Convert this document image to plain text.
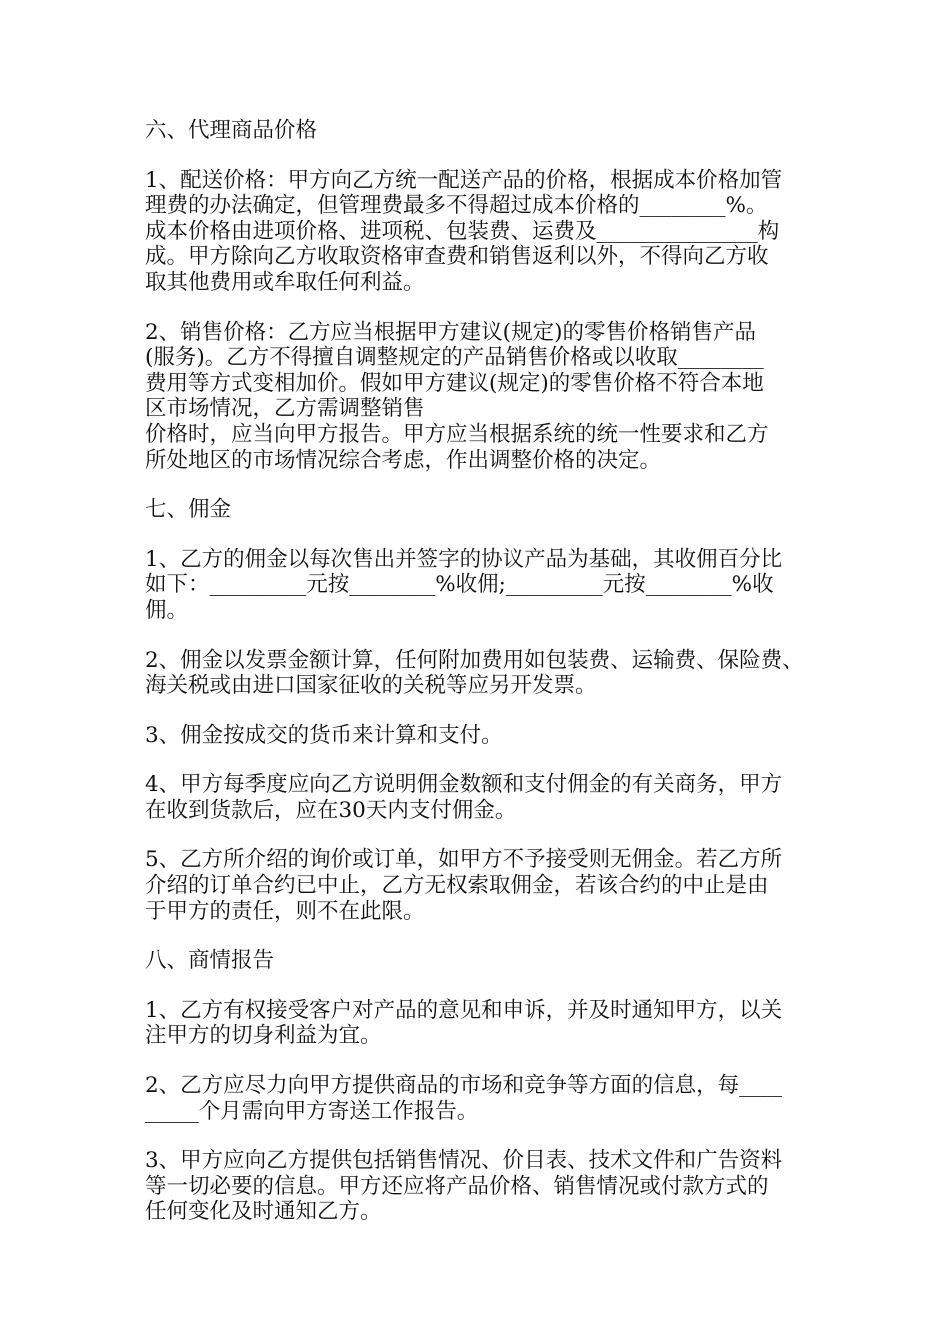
六、代理商品价格

1、配送价格：甲方向乙方统一配送产品的价格，根据成本价格加管
理费的办法确定，但管理费最多不得超过成本价格的________%。
成本价格由进项价格、进项税、包装费、运费及_______________构
成。甲方除向乙方收取资格审查费和销售返利以外，不得向乙方收
取其他费用或牟取任何利益。

2、销售价格：乙方应当根据甲方建议(规定)的零售价格销售产品
(服务)。乙方不得擅自调整规定的产品销售价格或以收取________
费用等方式变相加价。假如甲方建议(规定)的零售价格不符合本地
区市场情况，乙方需调整销售
价格时，应当向甲方报告。甲方应当根据系统的统一性要求和乙方
所处地区的市场情况综合考虑，作出调整价格的决定。

七、佣金

1、乙方的佣金以每次售出并签字的协议产品为基础，其收佣百分比
如下：_________元按________%收佣;_________元按________%收
佣。

2、佣金以发票金额计算，任何附加费用如包装费、运输费、保险费、
海关税或由进口国家征收的关税等应另开发票。

3、佣金按成交的货币来计算和支付。

4、甲方每季度应向乙方说明佣金数额和支付佣金的有关商务，甲方
在收到货款后，应在30天内支付佣金。

5、乙方所介绍的询价或订单，如甲方不予接受则无佣金。若乙方所
介绍的订单合约已中止，乙方无权索取佣金，若该合约的中止是由
于甲方的责任，则不在此限。

八、商情报告

1、乙方有权接受客户对产品的意见和申诉，并及时通知甲方，以关
注甲方的切身利益为宜。

2、乙方应尽力向甲方提供商品的市场和竞争等方面的信息，每____
_____个月需向甲方寄送工作报告。

3、甲方应向乙方提供包括销售情况、价目表、技术文件和广告资料
等一切必要的信息。甲方还应将产品价格、销售情况或付款方式的
任何变化及时通知乙方。
